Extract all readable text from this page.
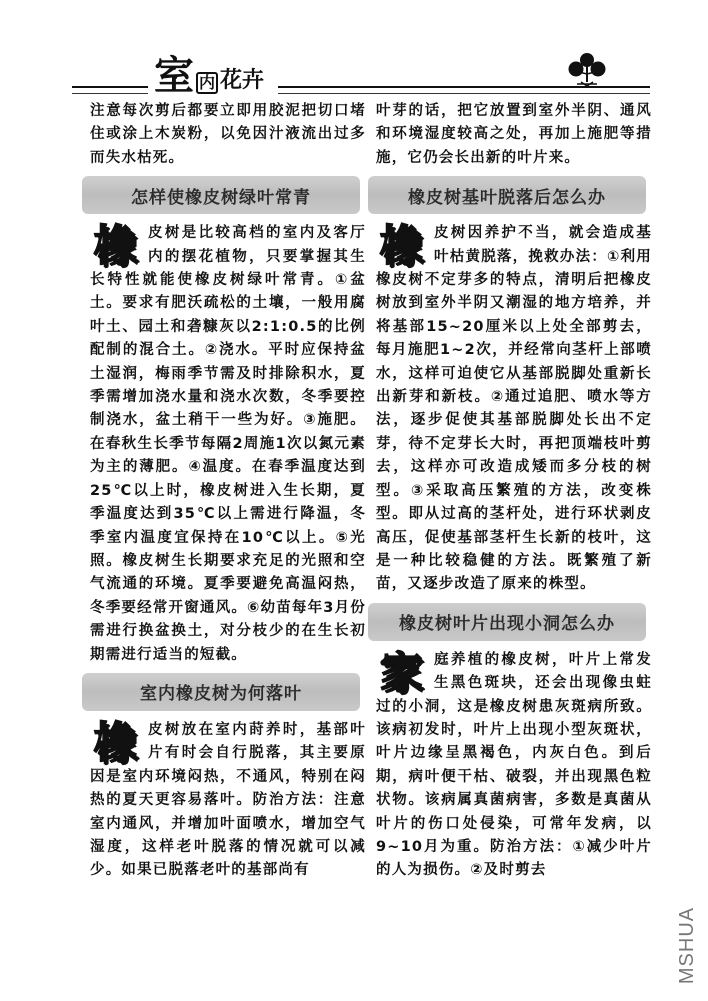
室 内 花卉

注意每次剪后都要立即用胶泥把切口堵住或涂上木炭粉，以免因汁液流出过多而失水枯死。

怎样使橡皮树绿叶常青
橡 皮树是比较高档的室内及客厅内的摆花植物，只要掌握其生长特性就能使橡皮树绿叶常青。①盆土。要求有肥沃疏松的土壤，一般用腐叶土、园土和砻糠灰以2:1:0.5的比例配制的混合土。②浇水。平时应保持盆土湿润，梅雨季节需及时排除积水，夏季需增加浇水量和浇水次数，冬季要控制浇水，盆土稍干一些为好。③施肥。在春秋生长季节每隔2周施1次以氮元素为主的薄肥。④温度。在春季温度达到25℃以上时，橡皮树进入生长期，夏季温度达到35℃以上需进行降温，冬季室内温度宜保持在10℃以上。⑤光照。橡皮树生长期要求充足的光照和空气流通的环境。夏季要避免高温闷热，冬季要经常开窗通风。⑥幼苗每年3月份需进行换盆换土，对分枝少的在生长初期需进行适当的短截。

室内橡皮树为何落叶
橡 皮树放在室内莳养时，基部叶片有时会自行脱落，其主要原因是室内环境闷热，不通风，特别在闷热的夏天更容易落叶。防治方法：注意室内通风，并增加叶面喷水，增加空气湿度，这样老叶脱落的情况就可以减少。如果已脱落老叶的基部尚有

叶芽的话，把它放置到室外半阴、通风和环境湿度较高之处，再加上施肥等措施，它仍会长出新的叶片来。

橡皮树基叶脱落后怎么办
橡 皮树因养护不当，就会造成基叶枯黄脱落，挽救办法：①利用橡皮树不定芽多的特点，清明后把橡皮树放到室外半阴又潮湿的地方培养，并将基部15~20厘米以上处全部剪去，每月施肥1~2次，并经常向茎杆上部喷水，这样可迫使它从基部脱脚处重新长出新芽和新枝。②通过追肥、喷水等方法，逐步促使其基部脱脚处长出不定芽，待不定芽长大时，再把顶端枝叶剪去，这样亦可改造成矮而多分枝的树型。③采取高压繁殖的方法，改变株型。即从过高的茎杆处，进行环状剥皮高压，促使基部茎杆生长新的枝叶，这是一种比较稳健的方法。既繁殖了新苗，又逐步改造了原来的株型。

橡皮树叶片出现小洞怎么办
家 庭养植的橡皮树，叶片上常发生黑色斑块，还会出现像虫蛀过的小洞，这是橡皮树患灰斑病所致。该病初发时，叶片上出现小型灰斑状，叶片边缘呈黑褐色，内灰白色。到后期，病叶便干枯、破裂，并出现黑色粒状物。该病属真菌病害，多数是真菌从叶片的伤口处侵染，可常年发病，以9~10月为重。防治方法：①减少叶片的人为损伤。②及时剪去

MSHUA
